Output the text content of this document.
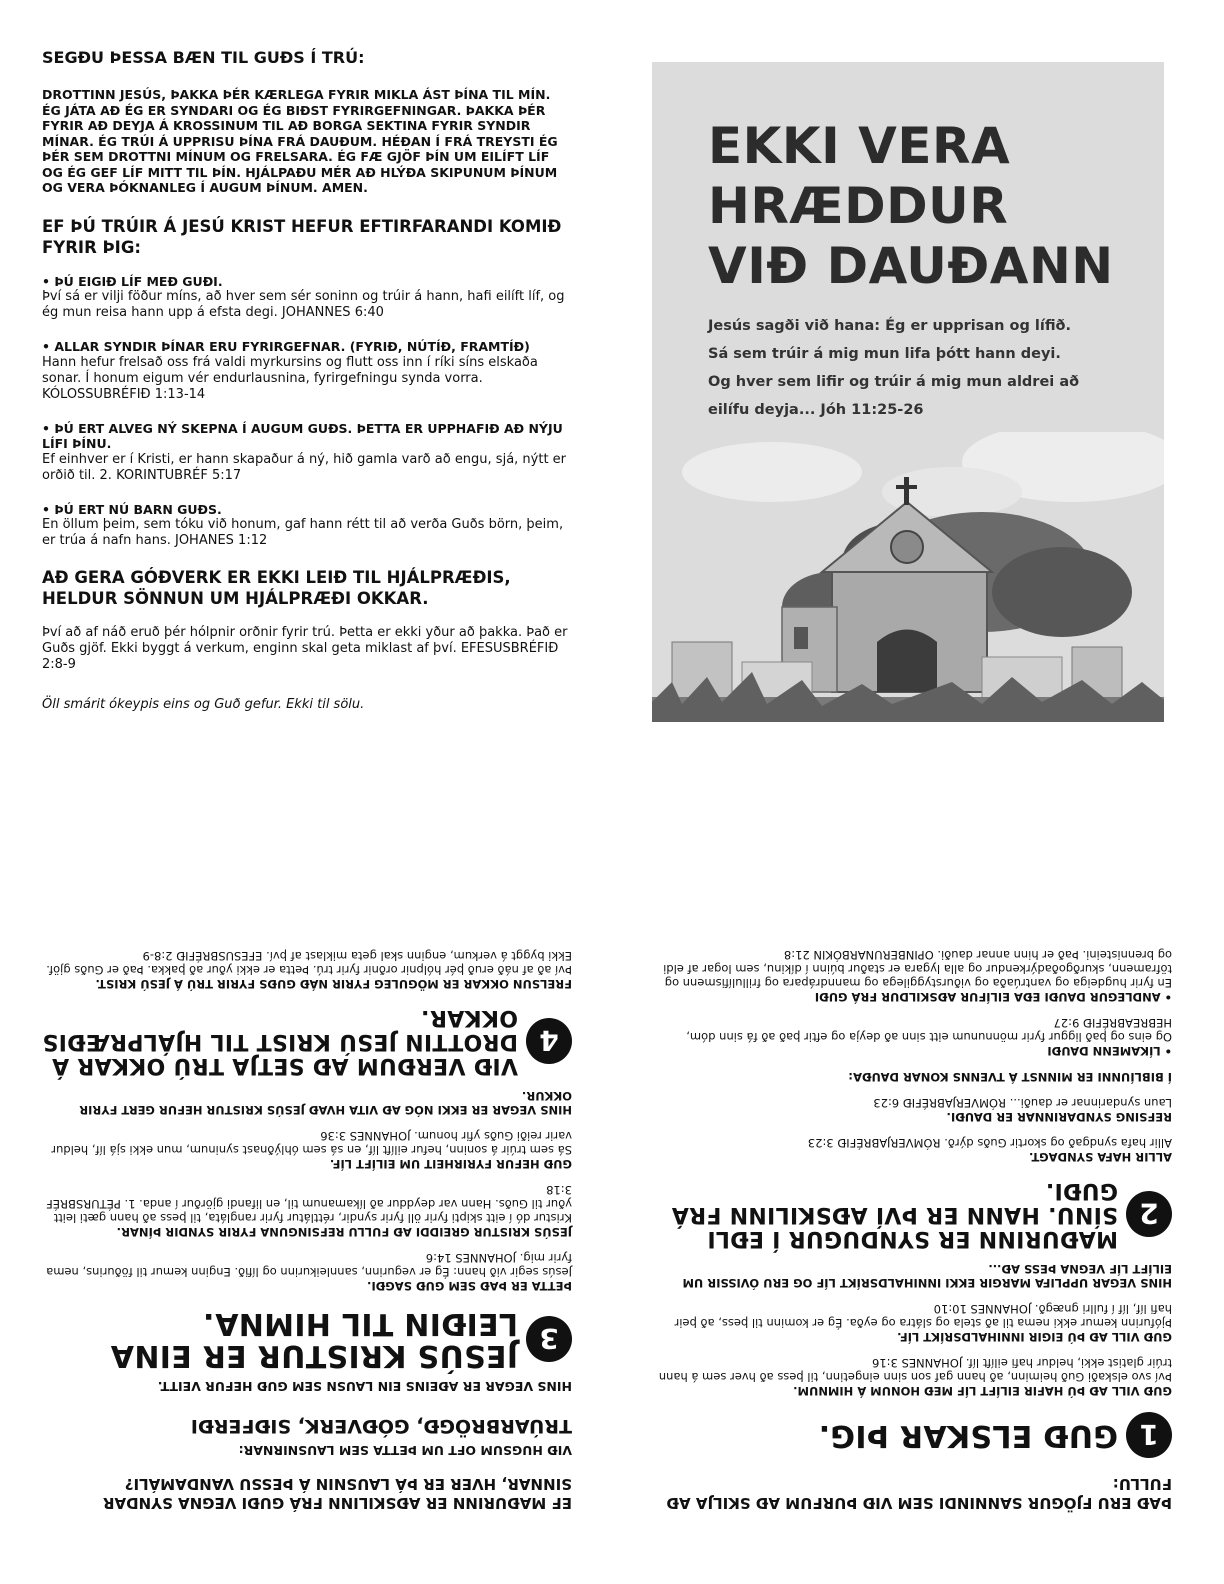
SEGÐU ÞESSA BÆN TIL GUÐS Í TRÚ:

DROTTINN JESÚS, ÞAKKA ÞÉR KÆRLEGA FYRIR MIKLA ÁST ÞÍNA TIL MÍN. ÉG JÁTA AÐ ÉG ER SYNDARI OG ÉG BIÐST FYRIRGEFNINGAR. ÞAKKA ÞÉR FYRIR AÐ DEYJA Á KROSSINUM TIL AÐ BORGA SEKTINA FYRIR SYNDIR MÍNAR. ÉG TRÚI Á UPPRISU ÞÍNA FRÁ DAUÐUM. HÉÐAN Í FRÁ TREYSTI ÉG ÞÉR SEM DROTTNI MÍNUM OG FRELSARA. ÉG FÆ GJÖF ÞÍN UM EILÍFT LÍF OG ÉG GEF LÍF MITT TIL ÞÍN. HJÁLPAÐU MÉR AÐ HLÝÐA SKIPUNUM ÞÍNUM OG VERA ÞÓKNANLEG Í AUGUM ÞÍNUM. AMEN.

EF ÞÚ TRÚIR Á JESÚ KRIST HEFUR EFTIRFARANDI KOMIÐ FYRIR ÞIG:

• ÞÚ EIGIÐ LÍF MEÐ GUÐI.

Því sá er vilji föður míns, að hver sem sér soninn og trúir á hann, hafi eilíft líf, og ég mun reisa hann upp á efsta degi. JOHANNES 6:40

• ALLAR SYNDIR ÞÍNAR ERU FYRIRGEFNAR. (FYRIÐ, NÚTÍÐ, FRAMTÍÐ)

Hann hefur frelsað oss frá valdi myrkursins og flutt oss inn í ríki síns elskaða sonar. Í honum eigum vér endurlausnina, fyrirgefningu synda vorra. KÓLOSSUBRÉFIÐ 1:13-14

• ÞÚ ERT ALVEG NÝ SKEPNA Í AUGUM GUÐS. ÞETTA ER UPPHAFIÐ AÐ NÝJU LÍFI ÞÍNU.

Ef einhver er í Kristi, er hann skapaður á ný, hið gamla varð að engu, sjá, nýtt er orðið til. 2. KORINTUBRÉF 5:17

• ÞÚ ERT NÚ BARN GUÐS.

En öllum þeim, sem tóku við honum, gaf hann rétt til að verða Guðs börn, þeim, er trúa á nafn hans. JOHANES 1:12

AÐ GERA GÓÐVERK ER EKKI LEIÐ TIL HJÁLPRÆÐIS, HELDUR SÖNNUN UM HJÁLPRÆÐI OKKAR.

Því að af náð eruð þér hólpnir orðnir fyrir trú. Þetta er ekki yður að þakka. Það er Guðs gjöf. Ekki byggt á verkum, enginn skal geta miklast af því. EFESUSBRÉFIÐ 2:8-9

Öll smárit ókeypis eins og Guð gefur. Ekki til sölu.

EKKI VERA
HRÆDDUR
VIÐ DAUÐANN
Jesús sagði við hana: Ég er upprisan og lífið.
Sá sem trúir á mig mun lifa þótt hann deyi.
Og hver sem lifir og trúir á mig mun aldrei að
eilífu deyja... Jóh 11:25-26

ÞAÐ ERU FJÖGUR SANNINDI SEM VIÐ ÞURFUM AÐ SKILJA AÐ FULLU:

1
GUÐ ELSKAR ÞIG.

GUÐ VILL AÐ ÞÚ HAFIR EILÍFT LÍF MEÐ HONUM Á HIMNUM.

Því svo elskaði Guð heiminn, að hann gaf son sinn eingetinn, til þess að hver sem á hann trúir glatist ekki, heldur hafi eilíft líf. JOHANNES 3:16

GUÐ VILL AÐ ÞÚ EIGIR INNIHALDSRÍKT LÍF.

Þjófurinn kemur ekki nema til að stela og slátra og eyða. Ég er kominn til þess, að þeir hafi líf, líf í fullri gnægð. JOHANNES 10:10

HINS VEGAR UPPLIFA MARGIR EKKI INNIHALDSRÍKT LÍF OG ERU ÓVISSIR UM EILÍFT LÍF VEGNA ÞESS AÐ...

2
MAÐURINN ER SYNDUGUR Í EÐLI SÍNU. HANN ER ÞVÍ AÐSKILINN FRÁ GUÐI.

ALLIR HAFA SYNDAGT.

Allir hafa syndgað og skortir Guðs dýrð. RÓMVERJABRÉFIÐ 3:23

REFSING SYNDARINNAR ER DAUÐI.

Laun syndarinnar er dauði... RÓMVERJABRÉFIÐ 6:23

Í BIBLÍUNNI ER MINNST Á TVENNS KONAR DAUÐA:

• LÍKAMENN DAUÐI

Og eins og það liggur fyrir mönnunum eitt sinn að deyja og eftir það að fá sinn dóm, HEBREABRÉFIÐ 9:27

• ANDLEGUR DAUÐI EÐA EILÍFUR AÐSKILDUR FRÁ GUÐI

En fyrir hugdeiga og vantrúaða og viðurstyggilega og manndrápara og frillulífismenn og töframenn, skurðgoðadýrkendur og alla lygara er staður búinn í díkinu, sem logar af eldi og brennisteini. Það er hinn annar dauði. OPINBERUNARBÓKIN 21:8

EF MAÐURINN ER AÐSKILINN FRÁ GUÐI VEGNA SYNDAR SINNAR, HVER ER ÞÁ LAUSNIN Á ÞESSU VANDAMÁLI?

VIÐ HUGSUM OFT UM ÞETTA SEM LAUSNIRNAR:

TRÚARBRÖGÐ, GÓÐVERK, SIÐFERÐI

HINS VEGAR ER AÐEINS EIN LAUSN SEM GUÐ HEFUR VEITT.

3
JESÚS KRISTUR ER EINA LEIÐIN TIL HIMNA.

ÞETTA ER ÞAÐ SEM GUÐ SAGÐI.

Jesús segir við hann: Ég er vegurinn, sannleikurinn og lífið. Enginn kemur til föðurins, nema fyrir mig. JOHANNES 14:6

JESÚS KRISTUR GREIDDI AÐ FULLU REFSINGUNA FYRIR SYNDIR ÞÍNAR.

Kristur dó í eitt skipti fyrir öll fyrir syndir, réttlátur fyrir rangláta, til þess að hann gæti leitt yður til Guðs. Hann var deyddur að líkamanum til, en lifandi gjörður í anda. 1. PÉTURSBRÉF 3:18

GUÐ HEFUR FYRIRHEIT UM EILÍFT LÍF.

Sá sem trúir á soninn, hefur eilíft líf, en sá sem óhlýðnast syninum, mun ekki sjá líf, heldur varir reiði Guðs yfir honum. JOHANNES 3:36

HINS VEGAR ER EKKI NÓG AÐ VITA HVAÐ JESÚS KRISTUR HEFUR GERT FYRIR OKKUR.

4
VIÐ VERÐUM AÐ SETJA TRÚ OKKAR Á DROTTIN JESÚ KRIST TIL HJÁLPRÆÐIS OKKAR.

FRELSUN OKKAR ER MÖGULEG FYRIR NÁÐ GUÐS FYRIR TRÚ Á JESÚ KRIST.

Því að af náð eruð þér hólpnir orðnir fyrir trú. Þetta er ekki yður að þakka. Það er Guðs gjöf. Ekki byggt á verkum, enginn skal geta miklast af því. EFESUSBRÉFIÐ 2:8-9
